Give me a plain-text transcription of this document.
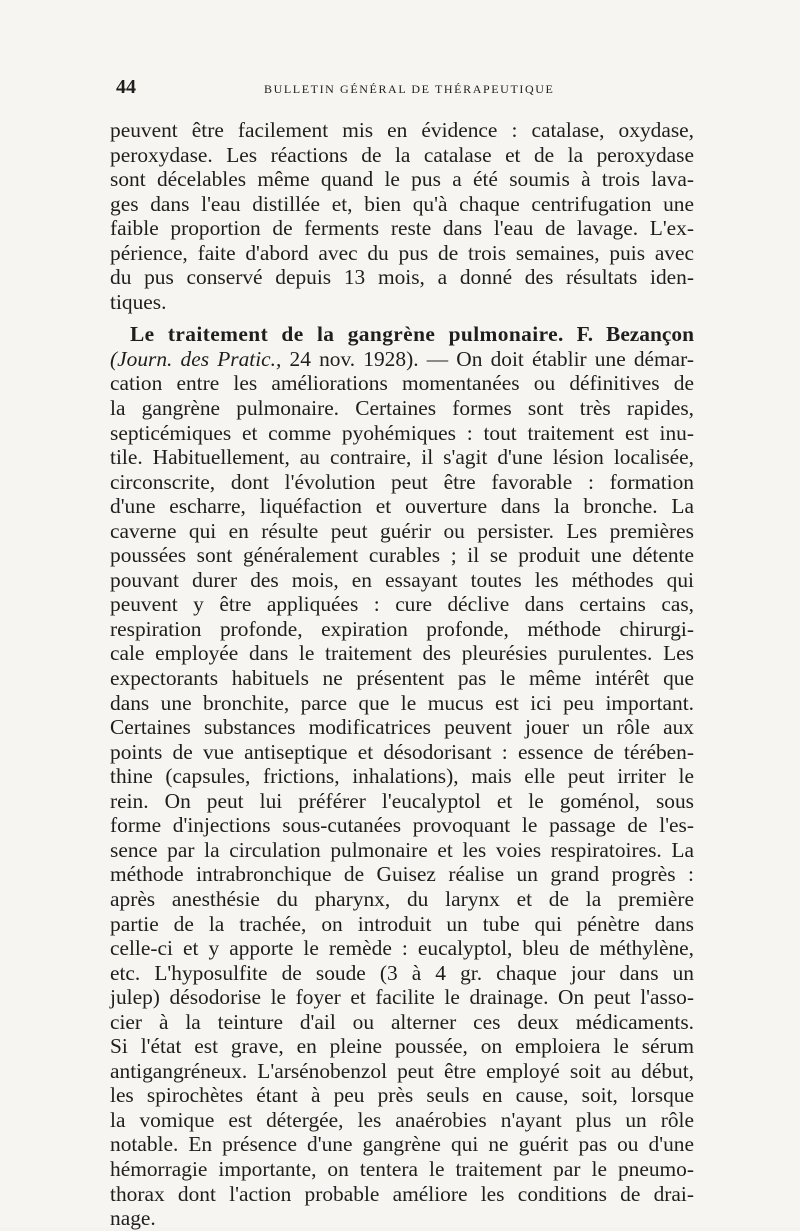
44	BULLETIN GÉNÉRAL DE THÉRAPEUTIQUE
peuvent être facilement mis en évidence : catalase, oxydase,
peroxydase. Les réactions de la catalase et de la peroxydase
sont décelables même quand le pus a été soumis à trois lava-
ges dans l'eau distillée et, bien qu'à chaque centrifugation une
faible proportion de ferments reste dans l'eau de lavage. L'ex-
périence, faite d'abord avec du pus de trois semaines, puis avec
du pus conservé depuis 13 mois, a donné des résultats iden-
tiques.
Le traitement de la gangrène pulmonaire. F. Bezançon
(Journ. des Pratic., 24 nov. 1928). — On doit établir une démar-
cation entre les améliorations momentanées ou définitives de
la gangrène pulmonaire. Certaines formes sont très rapides,
septicémiques et comme pyohémiques : tout traitement est inu-
tile. Habituellement, au contraire, il s'agit d'une lésion localisée,
circonscrite, dont l'évolution peut être favorable : formation
d'une escharre, liquéfaction et ouverture dans la bronche. La
caverne qui en résulte peut guérir ou persister. Les premières
poussées sont généralement curables ; il se produit une détente
pouvant durer des mois, en essayant toutes les méthodes qui
peuvent y être appliquées : cure déclive dans certains cas,
respiration profonde, expiration profonde, méthode chirurgi-
cale employée dans le traitement des pleurésies purulentes. Les
expectorants habituels ne présentent pas le même intérêt que
dans une bronchite, parce que le mucus est ici peu important.
Certaines substances modificatrices peuvent jouer un rôle aux
points de vue antiseptique et désodorisant : essence de térében-
thine (capsules, frictions, inhalations), mais elle peut irriter le
rein. On peut lui préférer l'eucalyptol et le goménol, sous
forme d'injections sous-cutanées provoquant le passage de l'es-
sence par la circulation pulmonaire et les voies respiratoires. La
méthode intrabronchique de Guisez réalise un grand progrès :
après anesthésie du pharynx, du larynx et de la première
partie de la trachée, on introduit un tube qui pénètre dans
celle-ci et y apporte le remède : eucalyptol, bleu de méthylène,
etc. L'hyposulfite de soude (3 à 4 gr. chaque jour dans un
julep) désodorise le foyer et facilite le drainage. On peut l'asso-
cier à la teinture d'ail ou alterner ces deux médicaments.
Si l'état est grave, en pleine poussée, on emploiera le sérum
antigangréneux. L'arsénobenzol peut être employé soit au début,
les spirochètes étant à peu près seuls en cause, soit, lorsque
la vomique est détergée, les anaérobies n'ayant plus un rôle
notable. En présence d'une gangrène qui ne guérit pas ou d'une
hémorragie importante, on tentera le traitement par le pneumo-
thorax dont l'action probable améliore les conditions de drai-
nage.
